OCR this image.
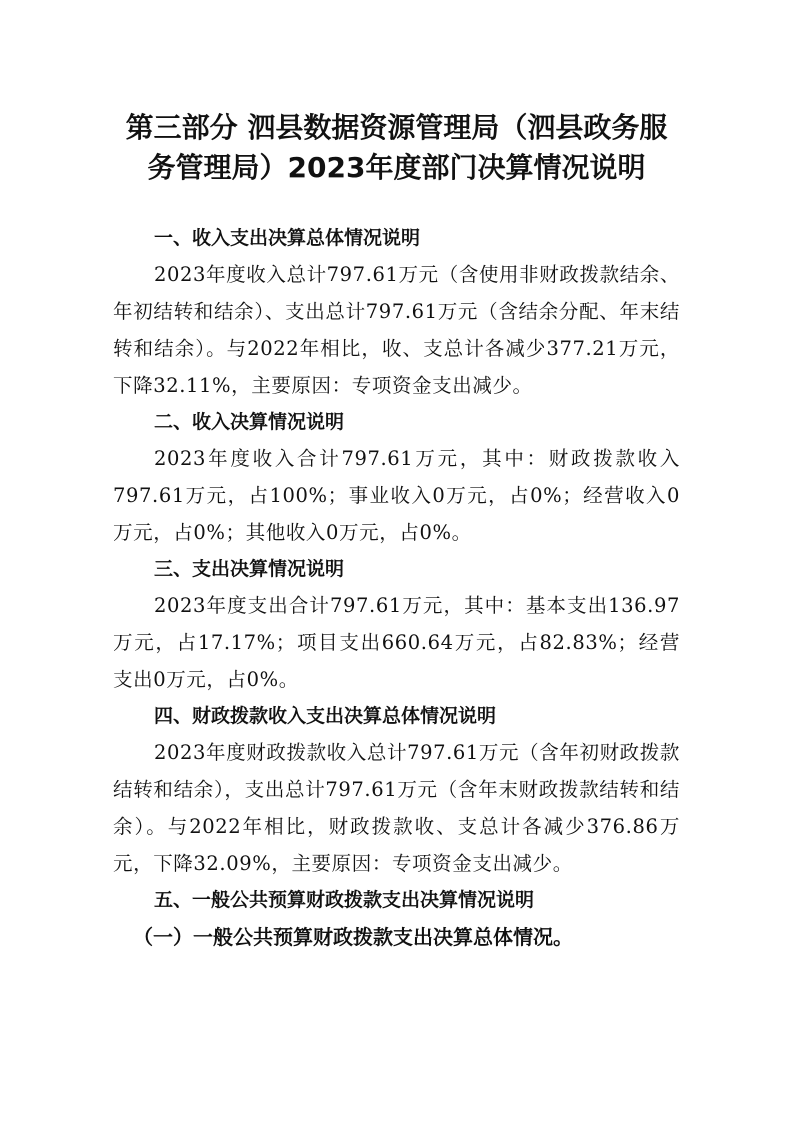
第三部分 泗县数据资源管理局（泗县政务服
务管理局）2023年度部门决算情况说明

一、收入支出决算总体情况说明

2023年度收入总计797.61万元（含使用非财政拨款结余、年初结转和结余）、支出总计797.61万元（含结余分配、年末结转和结余）。与2022年相比，收、支总计各减少377.21万元，下降32.11%，主要原因：专项资金支出减少。

二、收入决算情况说明

2023年度收入合计797.61万元，其中：财政拨款收入797.61万元，占100%；事业收入0万元，占0%；经营收入0万元，占0%；其他收入0万元，占0%。

三、支出决算情况说明

2023年度支出合计797.61万元，其中：基本支出136.97万元，占17.17%；项目支出660.64万元，占82.83%；经营支出0万元，占0%。

四、财政拨款收入支出决算总体情况说明

2023年度财政拨款收入总计797.61万元（含年初财政拨款结转和结余），支出总计797.61万元（含年末财政拨款结转和结余）。与2022年相比，财政拨款收、支总计各减少376.86万元，下降32.09%，主要原因：专项资金支出减少。

五、一般公共预算财政拨款支出决算情况说明

（一）一般公共预算财政拨款支出决算总体情况。
